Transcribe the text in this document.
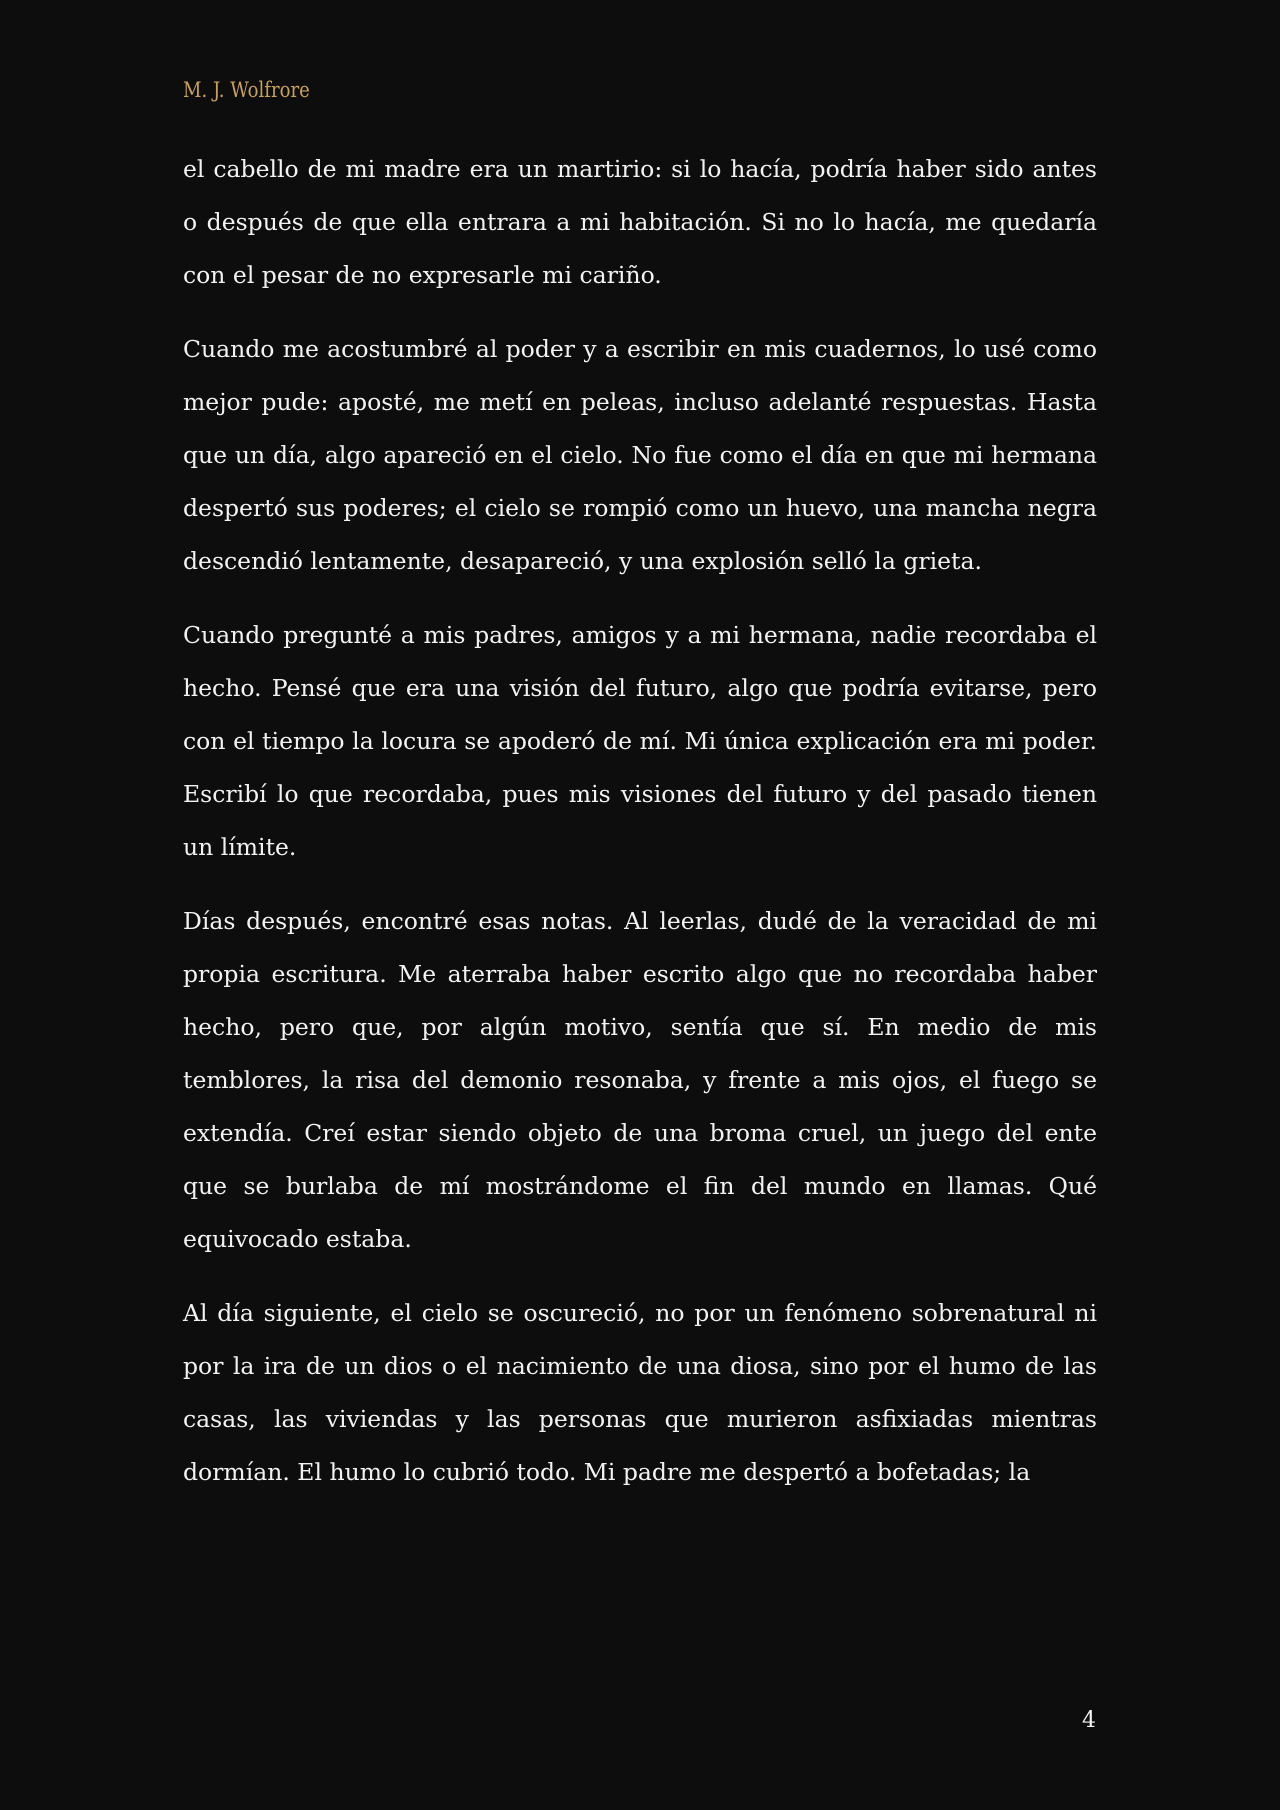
M. J. Wolfrore

el cabello de mi madre era un martirio: si lo hacía, podría haber sido antes o después de que ella entrara a mi habitación. Si no lo hacía, me quedaría con el pesar de no expresarle mi cariño.

Cuando me acostumbré al poder y a escribir en mis cuadernos, lo usé como mejor pude: aposté, me metí en peleas, incluso adelanté respuestas. Hasta que un día, algo apareció en el cielo. No fue como el día en que mi hermana despertó sus poderes; el cielo se rompió como un huevo, una mancha negra descendió lentamente, desapareció, y una explosión selló la grieta.

Cuando pregunté a mis padres, amigos y a mi hermana, nadie recordaba el hecho. Pensé que era una visión del futuro, algo que podría evitarse, pero con el tiempo la locura se apoderó de mí. Mi única explicación era mi poder. Escribí lo que recordaba, pues mis visiones del futuro y del pasado tienen un límite.

Días después, encontré esas notas. Al leerlas, dudé de la veracidad de mi propia escritura. Me aterraba haber escrito algo que no recordaba haber hecho, pero que, por algún motivo, sentía que sí. En medio de mis temblores, la risa del demonio resonaba, y frente a mis ojos, el fuego se extendía. Creí estar siendo objeto de una broma cruel, un juego del ente que se burlaba de mí mostrándome el fin del mundo en llamas. Qué equivocado estaba.

Al día siguiente, el cielo se oscureció, no por un fenómeno sobrenatural ni por la ira de un dios o el nacimiento de una diosa, sino por el humo de las casas, las viviendas y las personas que murieron asfixiadas mientras dormían. El humo lo cubrió todo. Mi padre me despertó a bofetadas; la

4
